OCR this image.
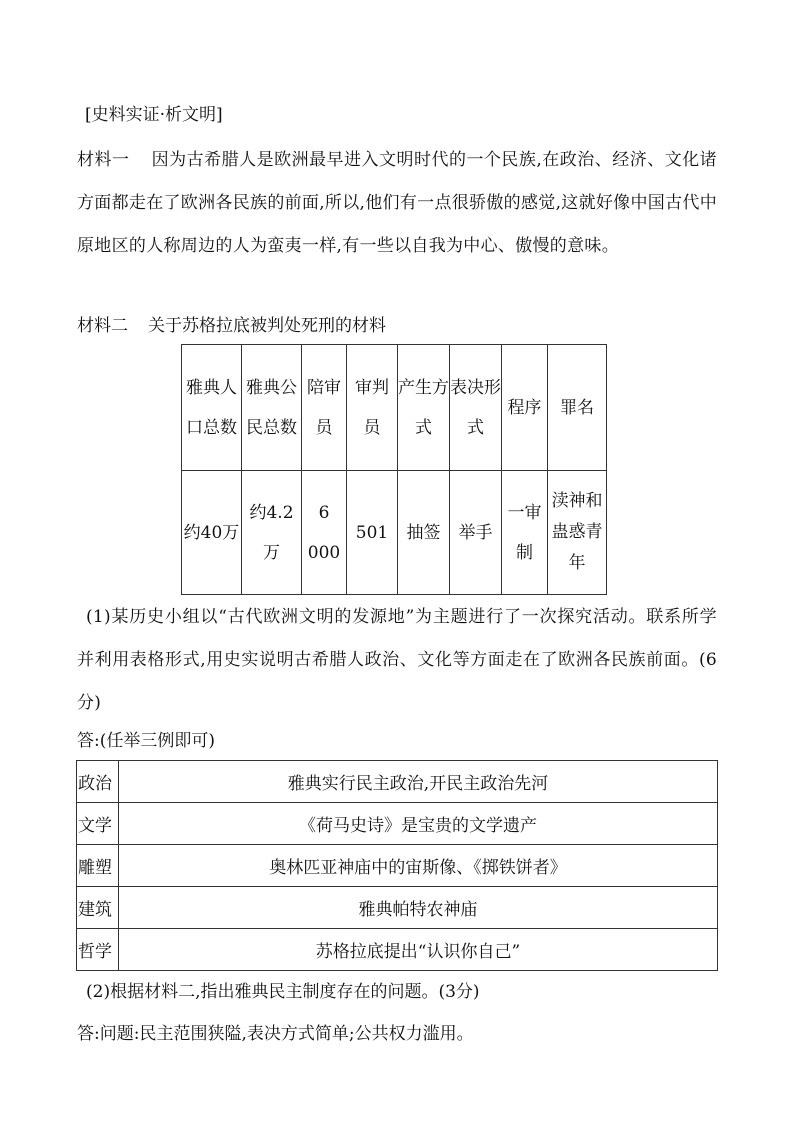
[史料实证·析文明]
材料一 因为古希腊人是欧洲最早进入文明时代的一个民族,在政治、经济、文化诸方面都走在了欧洲各民族的前面,所以,他们有一点很骄傲的感觉,这就好像中国古代中原地区的人称周边的人为蛮夷一样,有一些以自我为中心、傲慢的意味。
材料二 关于苏格拉底被判处死刑的材料
雅典人口总数	雅典公民总数	陪审员	审判员	产生方式	表决形式	程序	罪名
约40万	约4.2万	6 000	501	抽签	举手	一审制	渎神和蛊惑青年
(1)某历史小组以“古代欧洲文明的发源地”为主题进行了一次探究活动。联系所学并利用表格形式,用史实说明古希腊人政治、文化等方面走在了欧洲各民族前面。(6分)
答:(任举三例即可)
政治	雅典实行民主政治,开民主政治先河
文学	《荷马史诗》是宝贵的文学遗产
雕塑	奥林匹亚神庙中的宙斯像、《掷铁饼者》
建筑	雅典帕特农神庙
哲学	苏格拉底提出“认识你自己”
(2)根据材料二,指出雅典民主制度存在的问题。(3分)
答:问题:民主范围狭隘,表决方式简单;公共权力滥用。
